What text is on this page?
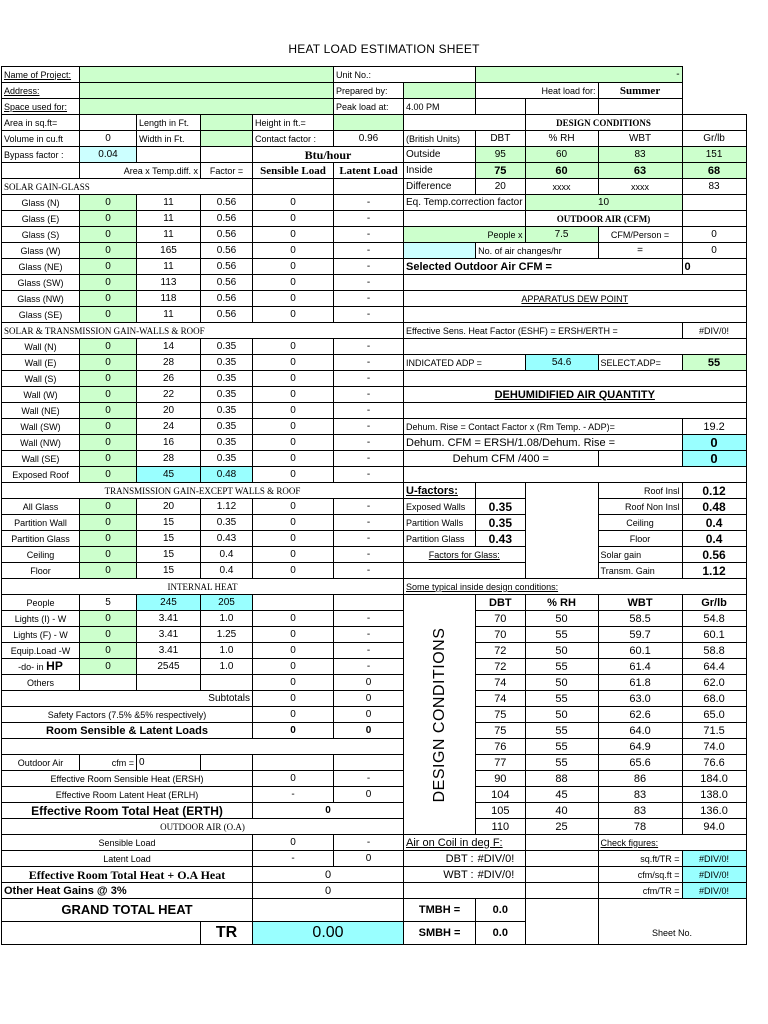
HEAT LOAD ESTIMATION SHEET
Name of Project:					Unit No.:		-			
Address:					Prepared by:		Heat load for:		Summer	
Space used for:					Peak load at:	4.00 PM				
Area in sq.ft=		Length in Ft.		Height in ft.=				DESIGN CONDITIONS		
Volume in cu.ft	0	Width in Ft.		Contact factor :	0.96	(British Units)	DBT	% RH	WBT	Gr/lb
Bypass factor :	0.04			Btu/hour		Outside	95	60	83	151
	Area x Temp.diff. x		Factor =	Sensible Load	Latent Load	Inside	75	60	63	68
SOLAR GAIN-GLASS						Difference	20	xxxx	xxxx	83
Glass (N)	0	11	0.56	0	-	Eq. Temp.correction factor		10		
Glass (E)	0	11	0.56	0	-			OUTDOOR AIR (CFM)		
Glass (S)	0	11	0.56	0	-	People x		7.5	CFM/Person =	0
Glass (W)	0	165	0.56	0	-		No. of air changes/hr		=	0
Glass (NE)	0	11	0.56	0	-	Selected Outdoor Air CFM =				0
Glass (SW)	0	113	0.56	0	-					
Glass (NW)	0	118	0.56	0	-	APPARATUS DEW POINT				
Glass (SE)	0	11	0.56	0	-					
SOLAR & TRANSMISSION GAIN-WALLS & ROOF						Effective Sens. Heat Factor (ESHF) = ERSH/ERTH =				#DIV/0!
Wall (N)	0	14	0.35	0	-					
Wall (E)	0	28	0.35	0	-	INDICATED ADP =		54.6	SELECT.ADP=	55
Wall (S)	0	26	0.35	0	-					
Wall (W)	0	22	0.35	0	-	DEHUMIDIFIED AIR QUANTITY				
Wall (NE)	0	20	0.35	0	-					
Wall (SW)	0	24	0.35	0	-	Dehum. Rise = Contact Factor x (Rm Temp. - ADP)=				19.2
Wall (NW)	0	16	0.35	0	-	Dehum. CFM = ERSH/1.08/Dehum. Rise =				0
Wall (SE)	0	28	0.35	0	-	Dehum CFM /400 =				0
Exposed Roof	0	45	0.48	0	-					
TRANSMISSION GAIN-EXCEPT WALLS & ROOF						U-factors:			Roof Insl	0.12
All Glass	0	20	1.12	0	-	Exposed Walls	0.35		Roof Non Insl	0.48
Partition Wall	0	15	0.35	0	-	Partition Walls	0.35		Ceiling	0.4
Partition Glass	0	15	0.43	0	-	Partition Glass	0.43		Floor	0.4
Ceiling	0	15	0.4	0	-	Factors for Glass:			Solar gain	0.56
Floor	0	15	0.4	0	-				Transm. Gain	1.12
INTERNAL HEAT						Some typical inside design conditions:				
People	5	245	205			DESIGN CONDITIONS	DBT	% RH	WBT	Gr/lb
Lights (I) - W	0	3.41	1.0	0	-		70	50	58.5	54.8
Lights (F) - W	0	3.41	1.25	0	-		70	55	59.7	60.1
Equip.Load -W	0	3.41	1.0	0	-		72	50	60.1	58.8
-do- in HP	0	2545	1.0	0	-		72	55	61.4	64.4
Others				0	0		74	50	61.8	62.0
			Subtotals	0	0		74	55	63.0	68.0
Safety Factors (7.5% &5% respectively)				0	0		75	50	62.6	65.0
Room Sensible & Latent Loads				0	0		75	55	64.0	71.5
							76	55	64.9	74.0
Outdoor Air	cfm =	0					77	55	65.6	76.6
Effective Room Sensible Heat (ERSH)				0	-		90	88	86	184.0
Effective Room Latent Heat (ERLH)				-	0		104	45	83	138.0
Effective Room Total Heat (ERTH)				0			105	40	83	136.0
OUTDOOR AIR (O.A)							110	25	78	94.0
Sensible Load				0	-	Air on Coil in deg F:			Check figures:	
Latent Load				-	0	DBT :	#DIV/0!		sq.ft/TR =	#DIV/0!
Effective Room Total Heat + O.A Heat				0		WBT :	#DIV/0!		cfm/sq.ft =	#DIV/0!
Other Heat Gains @ 3%				0					cfm/TR =	#DIV/0!
GRAND TOTAL HEAT						TMBH =	0.0			
			TR	0.00		SMBH =	0.0		Sheet No.	
